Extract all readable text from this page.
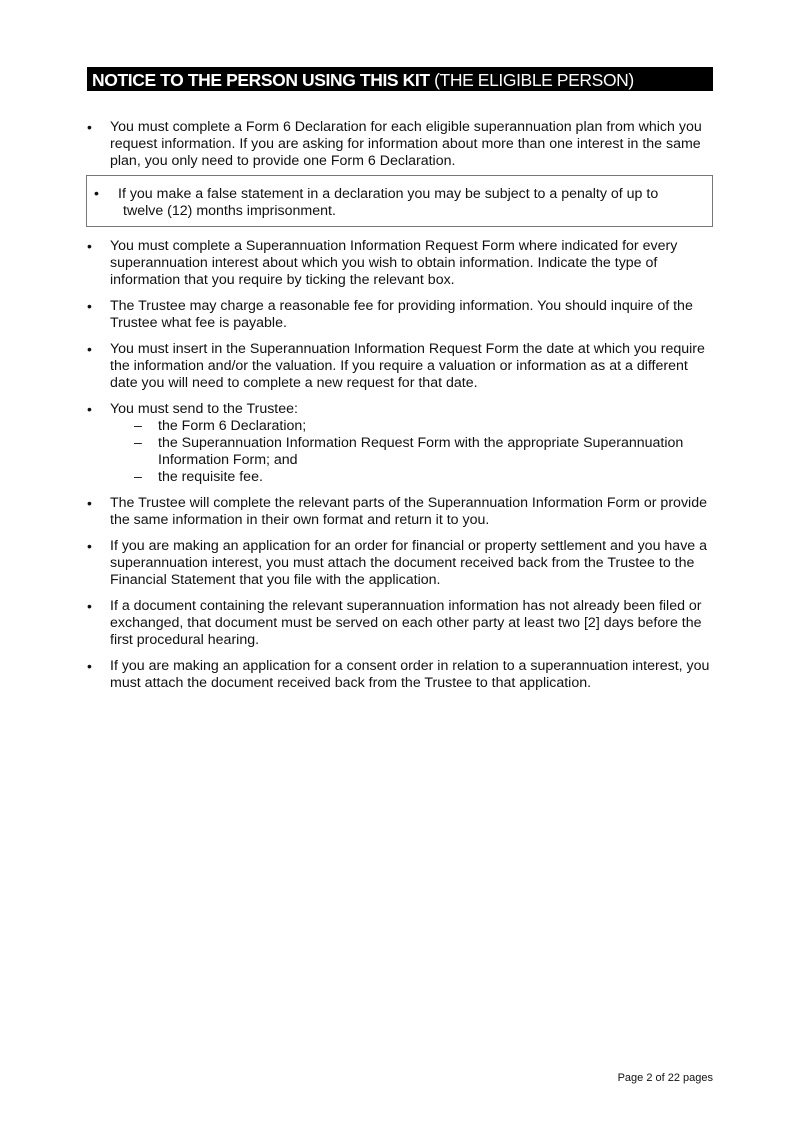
NOTICE TO THE PERSON USING THIS KIT (THE ELIGIBLE PERSON)
•	You must complete a Form 6 Declaration for each eligible superannuation plan from which you request information. If you are asking for information about more than one interest in the same plan, you only need to provide one Form 6 Declaration.
• If you make a false statement in a declaration you may be subject to a penalty of up to
twelve (12) months imprisonment.
•	You must complete a Superannuation Information Request Form where indicated for every superannuation interest about which you wish to obtain information. Indicate the type of information that you require by ticking the relevant box.
•	The Trustee may charge a reasonable fee for providing information. You should inquire of the Trustee what fee is payable.
•	You must insert in the Superannuation Information Request Form the date at which you require the information and/or the valuation. If you require a valuation or information as at a different date you will need to complete a new request for that date.
•	You must send to the Trustee:
– the Form 6 Declaration;
– the Superannuation Information Request Form with the appropriate Superannuation Information Form; and
– the requisite fee.
•	The Trustee will complete the relevant parts of the Superannuation Information Form or provide the same information in their own format and return it to you.
•	If you are making an application for an order for financial or property settlement and you have a superannuation interest, you must attach the document received back from the Trustee to the Financial Statement that you file with the application.
•	If a document containing the relevant superannuation information has not already been filed or exchanged, that document must be served on each other party at least two [2] days before the first procedural hearing.
•	If you are making an application for a consent order in relation to a superannuation interest, you must attach the document received back from the Trustee to that application.
Page 2 of 22 pages
